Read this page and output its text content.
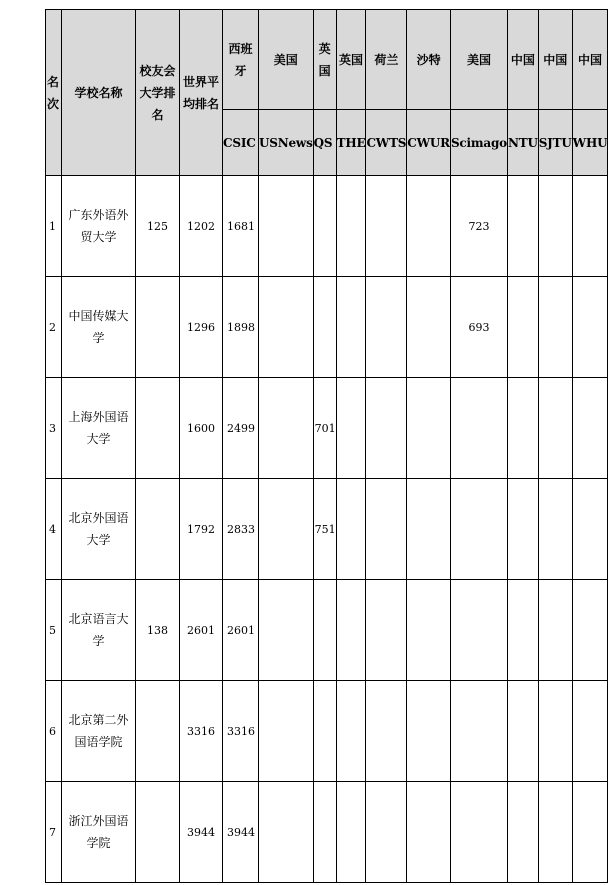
名次	学校名称	校友会大学排名	世界平均排名	西班牙	美国	英国	英国	荷兰	沙特	美国	中国	中国	中国
				CSIC	USNews	QS	THE	CWTS	CWUR	Scimago	NTU	SJTU	WHU
1	广东外语外贸大学	125	1202	1681						723			
2	中国传媒大学		1296	1898						693			
3	上海外国语大学		1600	2499		701							
4	北京外国语大学		1792	2833		751							
5	北京语言大学	138	2601	2601									
6	北京第二外国语学院		3316	3316									
7	浙江外国语学院		3944	3944									
